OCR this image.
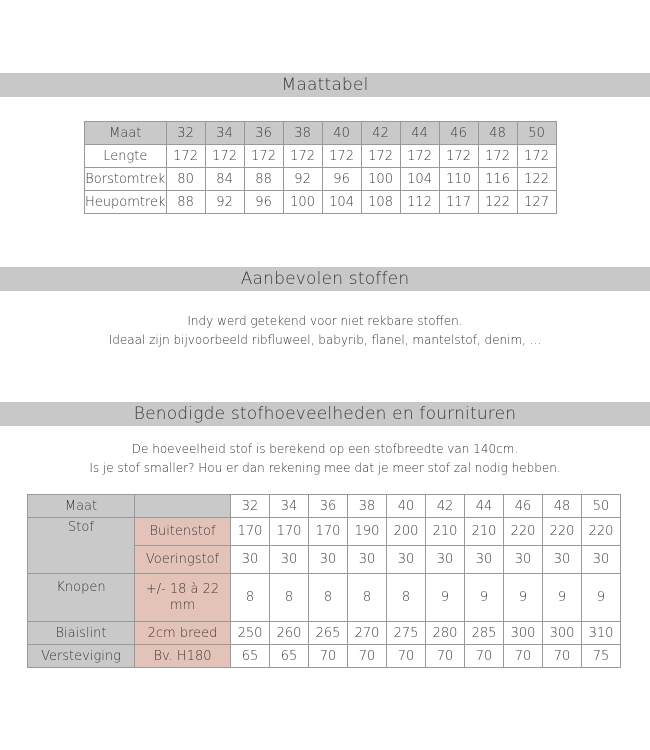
Maattabel
Maat	32	34	36	38	40	42	44	46	48	50
Lengte	172	172	172	172	172	172	172	172	172	172
Borstomtrek	80	84	88	92	96	100	104	110	116	122
Heupomtrek	88	92	96	100	104	108	112	117	122	127
Aanbevolen stoffen
Indy werd getekend voor niet rekbare stoffen.
Ideaal zijn bijvoorbeeld ribfluweel, babyrib, flanel, mantelstof, denim, ...
Benodigde stofhoeveelheden en fournituren
De hoeveelheid stof is berekend op een stofbreedte van 140cm.
Is je stof smaller? Hou er dan rekening mee dat je meer stof zal nodig hebben.
Maat		32	34	36	38	40	42	44	46	48	50
Stof	Buitenstof	170	170	170	190	200	210	210	220	220	220
	Voeringstof	30	30	30	30	30	30	30	30	30	30
Knopen	+/- 18 à 22 mm	8	8	8	8	8	9	9	9	9	9
Biaislint	2cm breed	250	260	265	270	275	280	285	300	300	310
Versteviging	Bv. H180	65	65	70	70	70	70	70	70	70	75
